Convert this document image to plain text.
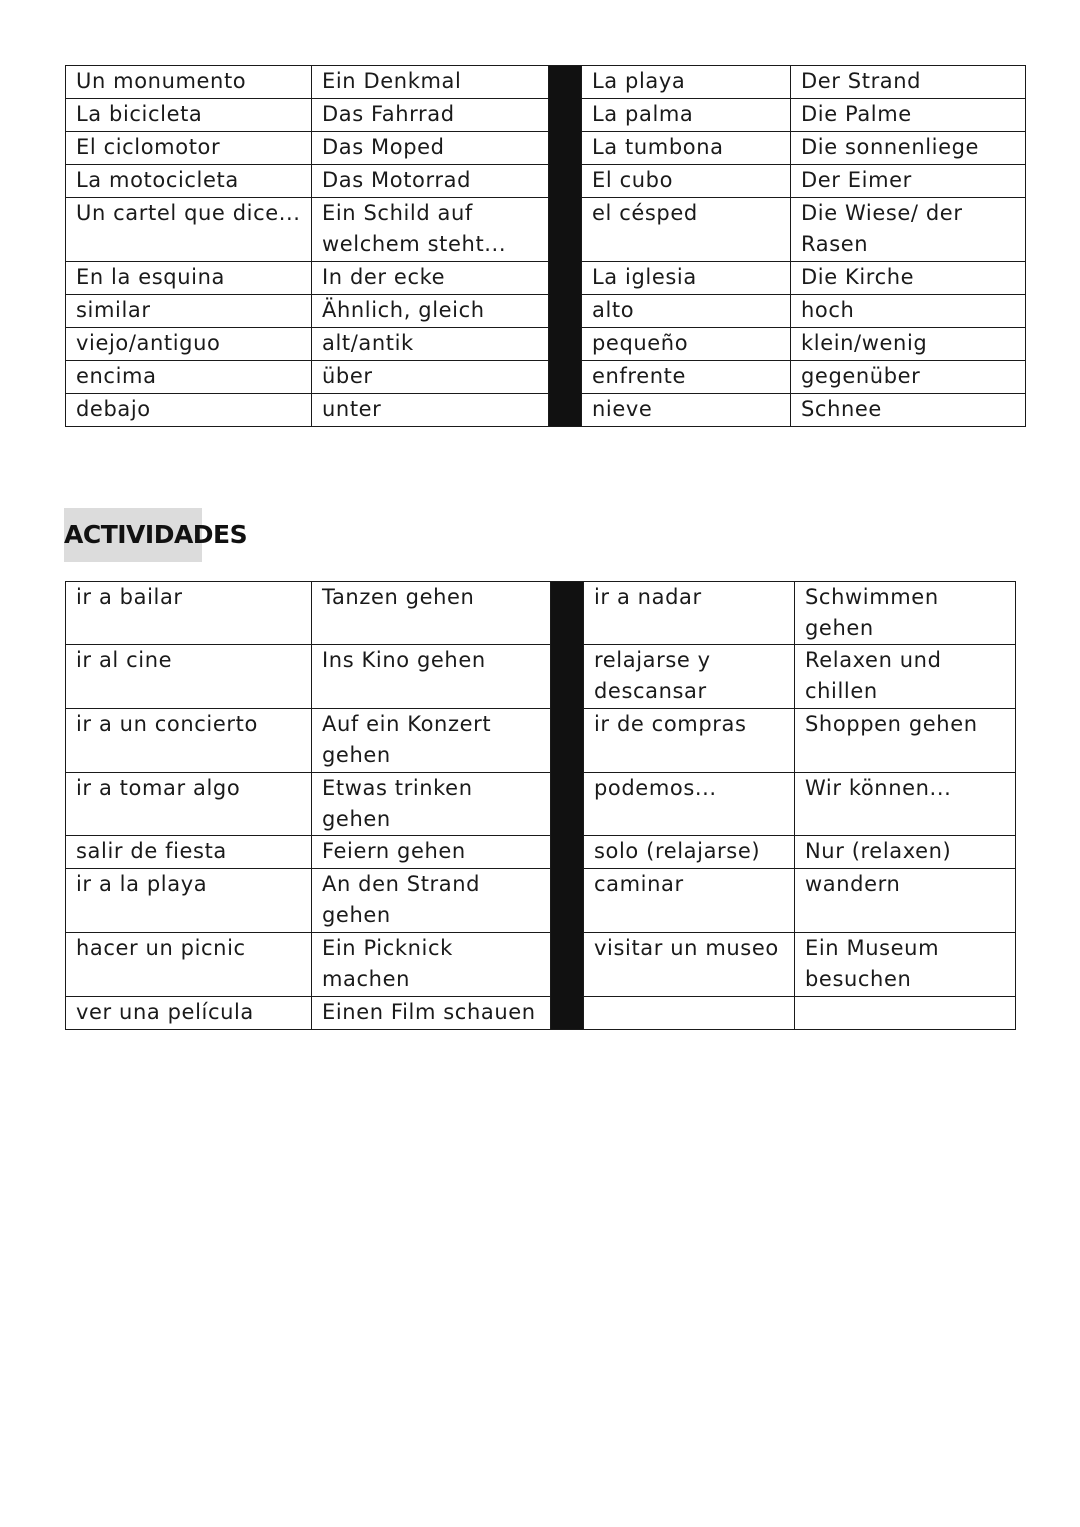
Un monumento	Ein Denkmal		La playa	Der Strand
La bicicleta	Das Fahrrad		La palma	Die Palme
El ciclomotor	Das Moped		La tumbona	Die sonnenliege
La motocicleta	Das Motorrad		El cubo	Der Eimer
Un cartel que dice...	Ein Schild auf welchem steht...		el césped	Die Wiese/ der Rasen
En la esquina	In der ecke		La iglesia	Die Kirche
similar	Ähnlich, gleich		alto	hoch
viejo/antiguo	alt/antik		pequeño	klein/wenig
encima	über		enfrente	gegenüber
debajo	unter		nieve	Schnee
ACTIVIDADES
ir a bailar	Tanzen gehen		ir a nadar	Schwimmen gehen
ir al cine	Ins Kino gehen		relajarse y descansar	Relaxen und chillen
ir a un concierto	Auf ein Konzert gehen		ir de compras	Shoppen gehen
ir a tomar algo	Etwas trinken gehen		podemos...	Wir können...
salir de fiesta	Feiern gehen		solo (relajarse)	Nur (relaxen)
ir a la playa	An den Strand gehen		caminar	wandern
hacer un picnic	Ein Picknick machen		visitar un museo	Ein Museum besuchen
ver una película	Einen Film schauen			
